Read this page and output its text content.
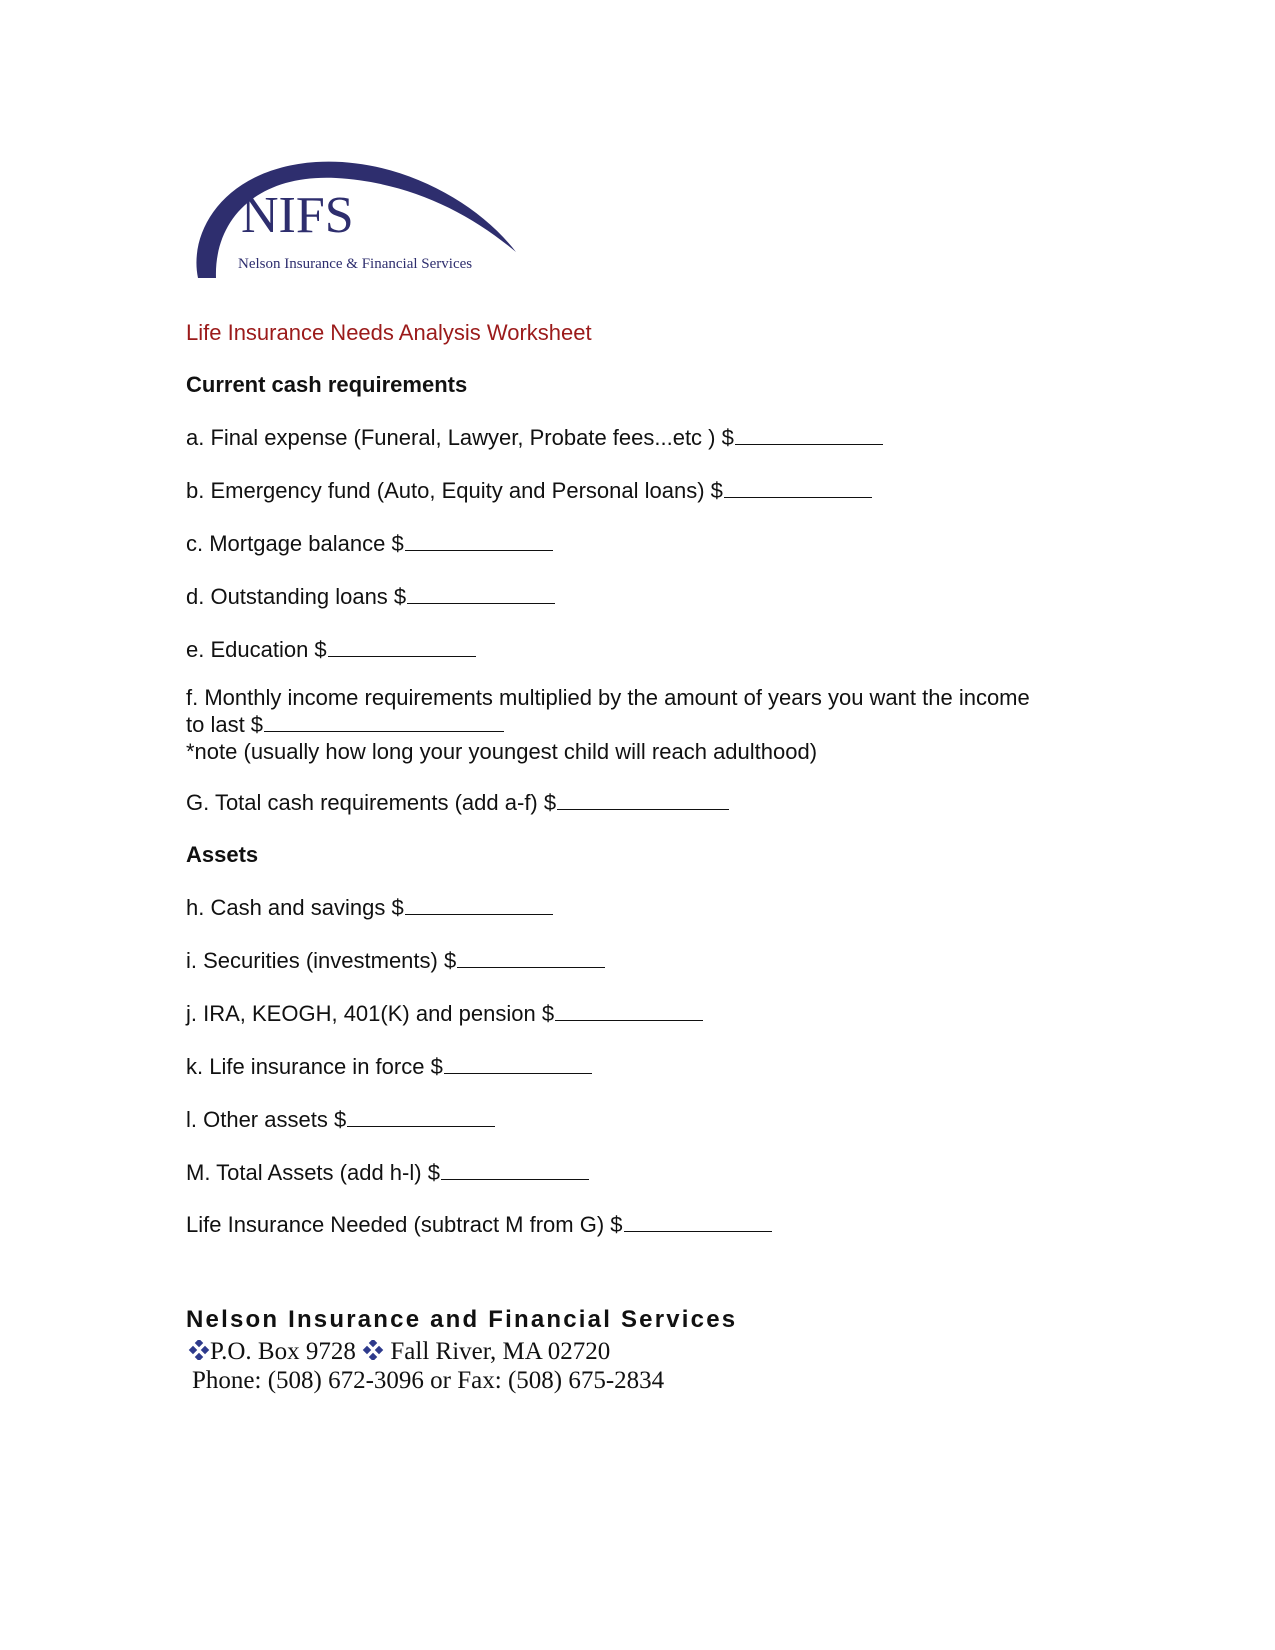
NIFS
Nelson Insurance & Financial Services
Life Insurance Needs Analysis Worksheet
Current cash requirements
a. Final expense (Funeral, Lawyer, Probate fees...etc ) $
b. Emergency fund (Auto, Equity and Personal loans) $
c. Mortgage balance $
d. Outstanding loans $
e. Education $
f. Monthly income requirements multiplied by the amount of years you want the income
to last $
*note (usually how long your youngest child will reach adulthood)
G. Total cash requirements (add a-f) $
Assets
h. Cash and savings $
i. Securities (investments) $
j. IRA, KEOGH, 401(K) and pension $
k. Life insurance in force $
l. Other assets $
M. Total Assets (add h-l) $
Life Insurance Needed (subtract M from G) $
Nelson Insurance and Financial Services
P.O. Box 9728 Fall River, MA 02720
Phone: (508) 672-3096 or Fax: (508) 675-2834
